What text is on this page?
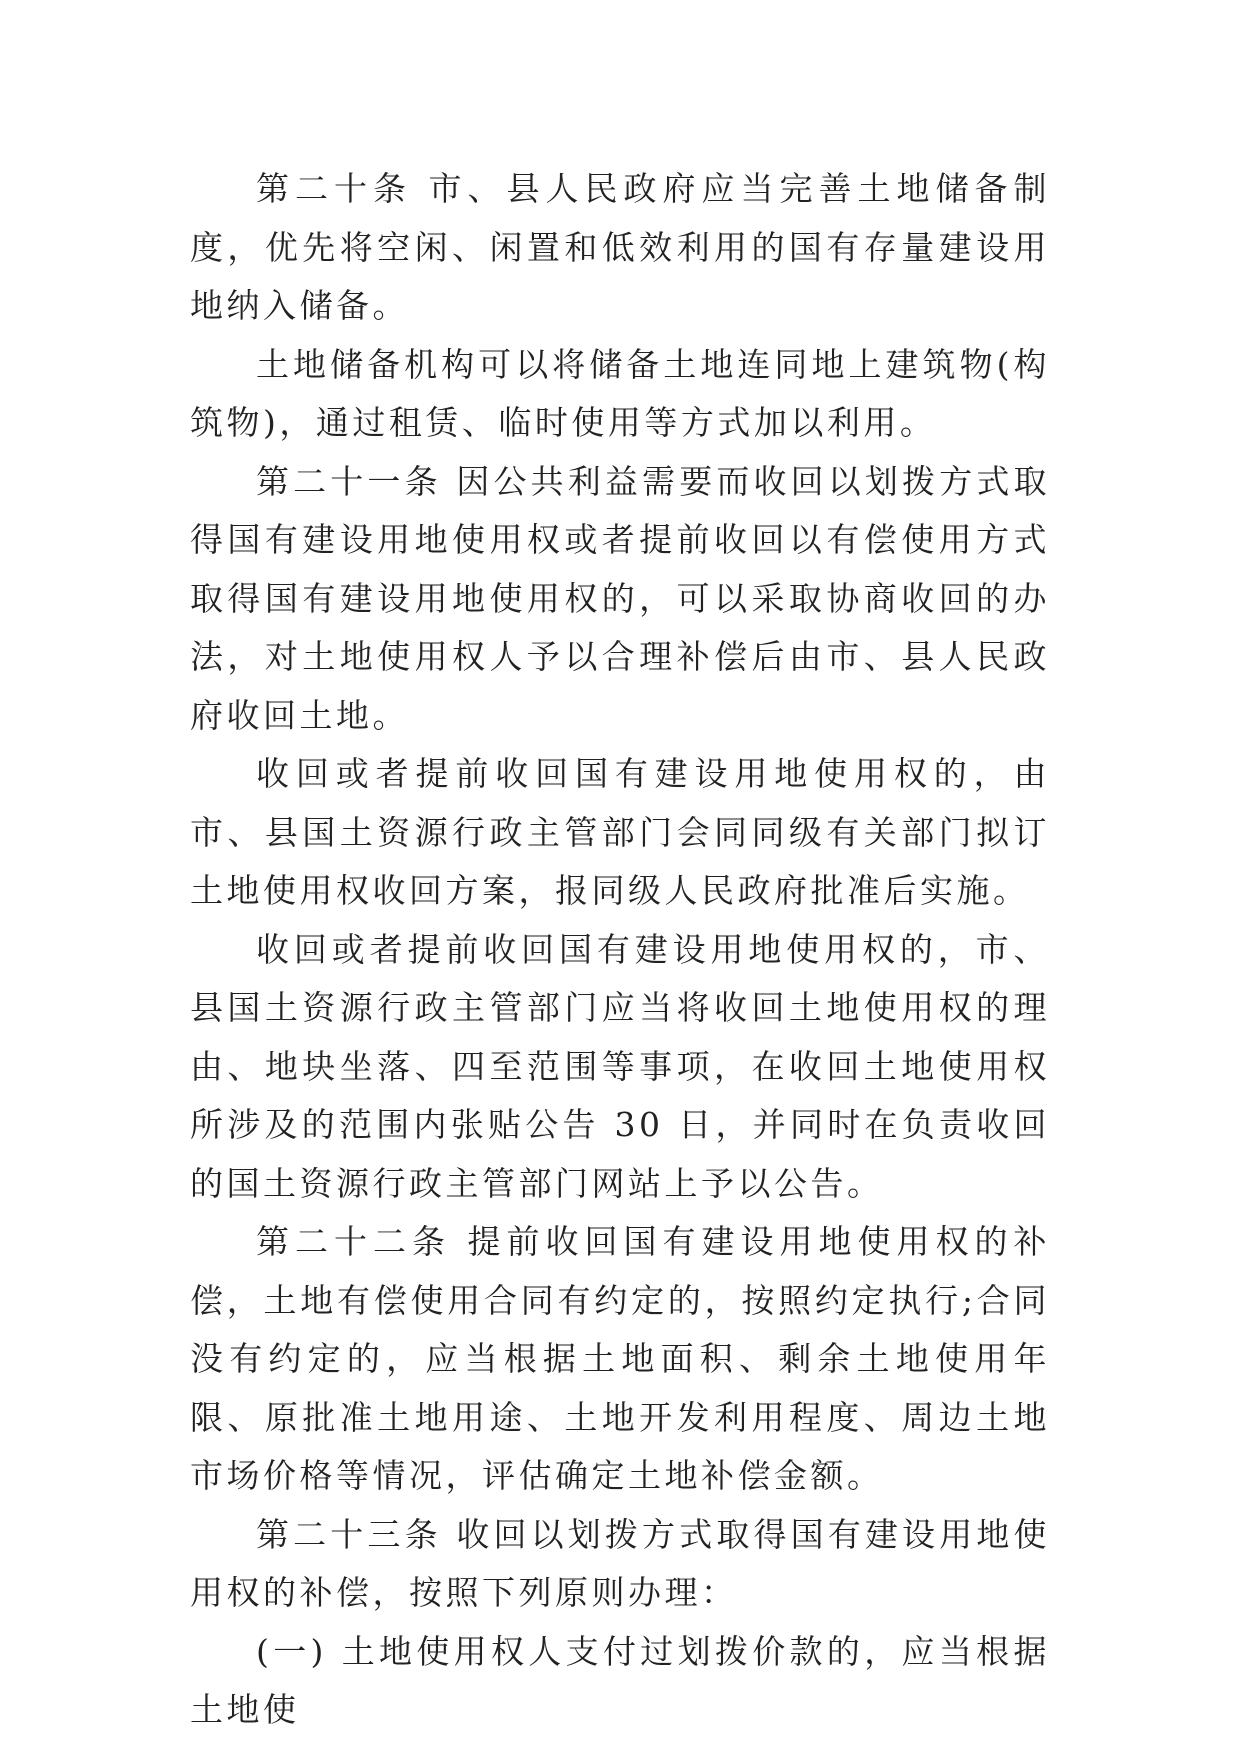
第二十条 市、县人民政府应当完善土地储备制度，优先将空闲、闲置和低效利用的国有存量建设用地纳入储备。

土地储备机构可以将储备土地连同地上建筑物(构筑物)，通过租赁、临时使用等方式加以利用。

第二十一条 因公共利益需要而收回以划拨方式取得国有建设用地使用权或者提前收回以有偿使用方式取得国有建设用地使用权的，可以采取协商收回的办法，对土地使用权人予以合理补偿后由市、县人民政府收回土地。

收回或者提前收回国有建设用地使用权的，由市、县国土资源行政主管部门会同同级有关部门拟订土地使用权收回方案，报同级人民政府批准后实施。

收回或者提前收回国有建设用地使用权的，市、县国土资源行政主管部门应当将收回土地使用权的理由、地块坐落、四至范围等事项，在收回土地使用权所涉及的范围内张贴公告 30 日，并同时在负责收回的国土资源行政主管部门网站上予以公告。

第二十二条 提前收回国有建设用地使用权的补偿，土地有偿使用合同有约定的，按照约定执行;合同没有约定的，应当根据土地面积、剩余土地使用年限、原批准土地用途、土地开发利用程度、周边土地市场价格等情况，评估确定土地补偿金额。

第二十三条 收回以划拨方式取得国有建设用地使用权的补偿，按照下列原则办理：

(一) 土地使用权人支付过划拨价款的，应当根据土地使
